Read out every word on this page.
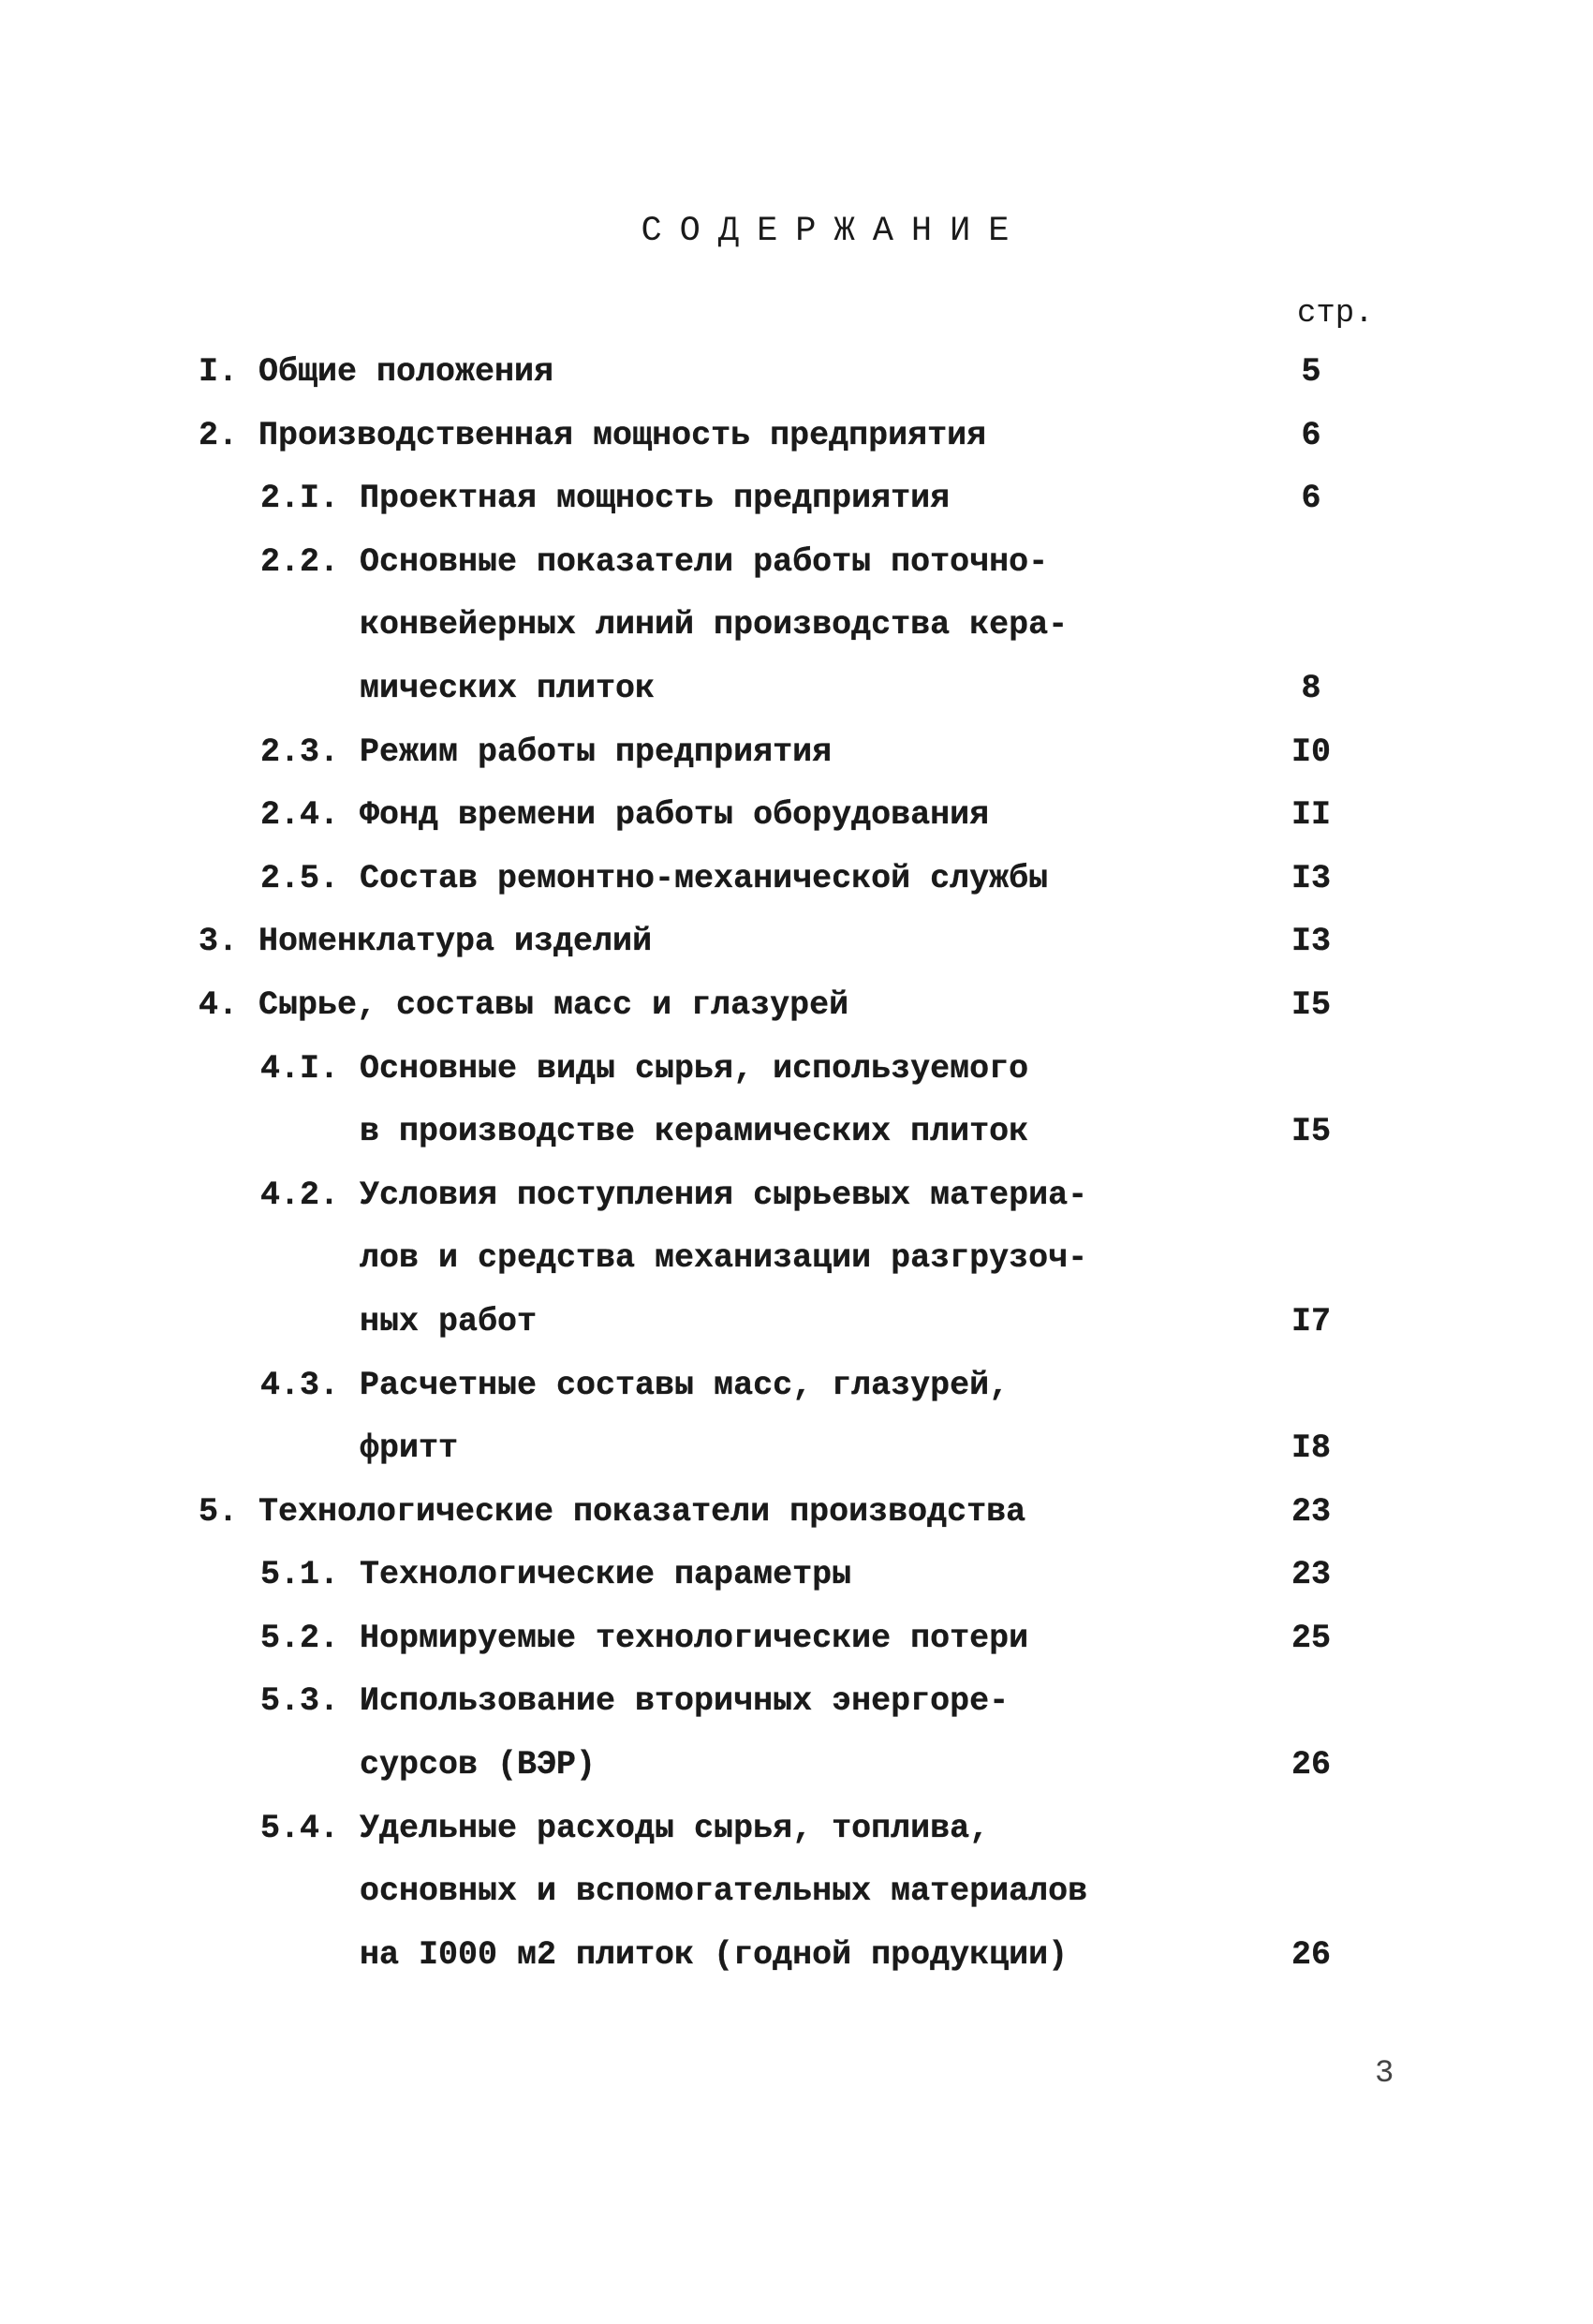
СОДЕРЖАНИЕ
стр.
I. Общие положения	5
2. Производственная мощность предприятия	6
2.I. Проектная мощность предприятия	6
2.2. Основные показатели работы поточно-
конвейерных линий производства кера-
мических плиток	8
2.3. Режим работы предприятия	I0
2.4. Фонд времени работы оборудования	II
2.5. Состав ремонтно-механической службы	I3
3. Номенклатура изделий	I3
4. Сырье, составы масс и глазурей	I5
4.I. Основные виды сырья, используемого
в производстве керамических плиток	I5
4.2. Условия поступления сырьевых материа-
лов и средства механизации разгрузоч-
ных работ	I7
4.3. Расчетные составы масс, глазурей,
фритт	I8
5. Технологические показатели производства	23
5.1. Технологические параметры	23
5.2. Нормируемые технологические потери	25
5.3. Использование вторичных энергоре-
сурсов (ВЭР)	26
5.4. Удельные расходы сырья, топлива,
основных и вспомогательных материалов
на I000 м2 плиток (годной продукции)	26
3
